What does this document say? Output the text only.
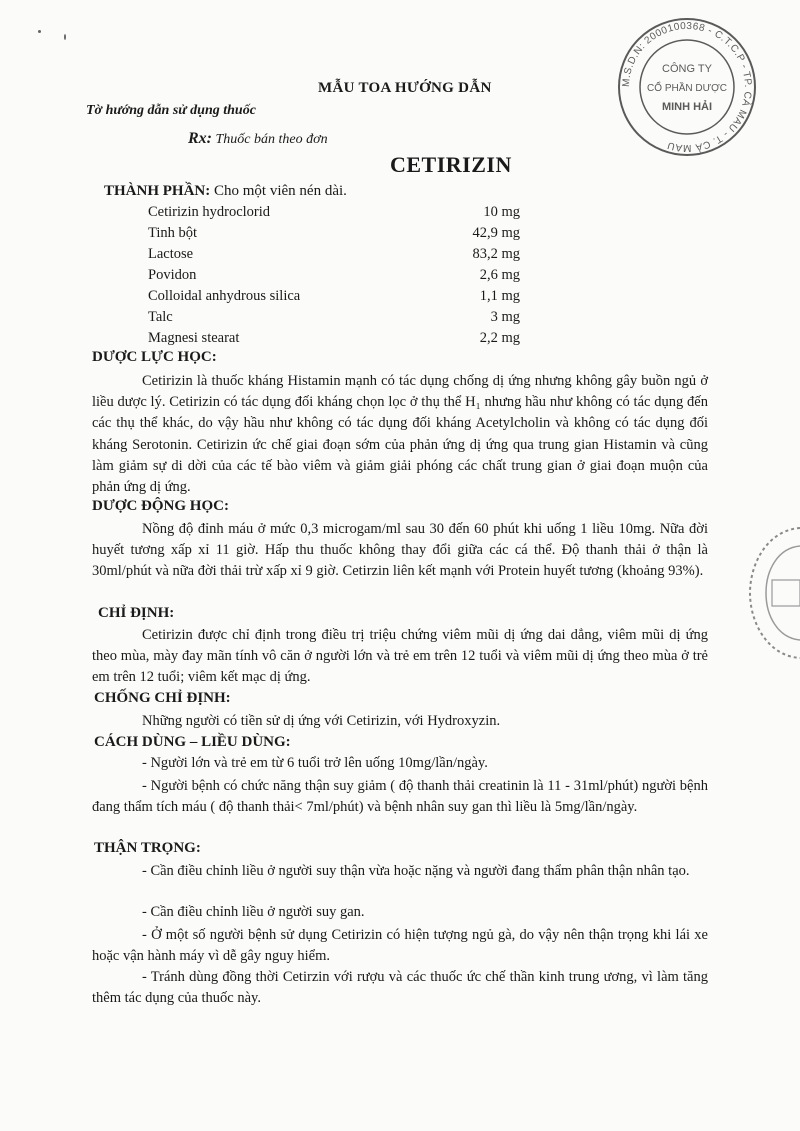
MẪU TOA HƯỚNG DẪN
Tờ hướng dẫn sử dụng thuốc
Rx: Thuốc bán theo đơn
CETIRIZIN
M.S.D.N: 2000100368 - C.T.C.P - TP. CÀ MAU - T. CÀ MAU
CÔNG TY
CỔ PHẦN DƯỢC
MINH HẢI
THÀNH PHẦN: Cho một viên nén dài.
Cetirizin hydroclorid	10 mg
Tinh bột	42,9 mg
Lactose	83,2 mg
Povidon	2,6 mg
Colloidal anhydrous silica	1,1 mg
Talc	3 mg
Magnesi stearat	2,2 mg
DƯỢC LỰC HỌC:
Cetirizin là thuốc kháng Histamin mạnh có tác dụng chống dị ứng nhưng không gây buồn ngủ ở liều dược lý. Cetirizin có tác dụng đối kháng chọn lọc ở thụ thể H₁ nhưng hầu như không có tác dụng đến các thụ thể khác, do vậy hầu như không có tác dụng đối kháng Acetylcholin và không có tác dụng đối kháng Serotonin. Cetirizin ức chế giai đoạn sớm của phản ứng dị ứng qua trung gian Histamin và cũng làm giảm sự di dời của các tế bào viêm và giảm giải phóng các chất trung gian ở giai đoạn muộn của phản ứng dị ứng.
DƯỢC ĐỘNG HỌC:
Nồng độ đỉnh máu ở mức 0,3 microgam/ml sau 30 đến 60 phút khi uống 1 liều 10mg. Nữa đời huyết tương xấp xỉ 11 giờ. Hấp thu thuốc không thay đổi giữa các cá thể. Độ thanh thải ở thận là 30ml/phút và nữa đời thải trừ xấp xỉ 9 giờ. Cetirzin liên kết mạnh với Protein huyết tương (khoảng 93%).
CHỈ ĐỊNH:
Cetirizin được chỉ định trong điều trị triệu chứng viêm mũi dị ứng dai dẳng, viêm mũi dị ứng theo mùa, mày đay mãn tính vô căn ở người lớn và trẻ em trên 12 tuổi và viêm mũi dị ứng theo mùa ở trẻ em trên 12 tuổi; viêm kết mạc dị ứng.
CHỐNG CHỈ ĐỊNH:
Những người có tiền sử dị ứng với Cetirizin, với Hydroxyzin.
CÁCH DÙNG – LIỀU DÙNG:
- Người lớn và trẻ em từ 6 tuổi trở lên uống 10mg/lần/ngày.
- Người bệnh có chức năng thận suy giảm ( độ thanh thải creatinin là 11 - 31ml/phút) người bệnh đang thẩm tích máu ( độ thanh thải< 7ml/phút) và bệnh nhân suy gan thì liều là 5mg/lần/ngày.
THẬN TRỌNG:
- Cần điều chỉnh liều ở người suy thận vừa hoặc nặng và người đang thẩm phân thận nhân tạo.
- Cần điều chỉnh liều ở người suy gan.
- Ở một số người bệnh sử dụng Cetirizin có hiện tượng ngủ gà, do vậy nên thận trọng khi lái xe hoặc vận hành máy vì dễ gây nguy hiểm.
- Tránh dùng đồng thời Cetirzin với rượu và các thuốc ức chế thần kinh trung ương, vì làm tăng thêm tác dụng của thuốc này.
